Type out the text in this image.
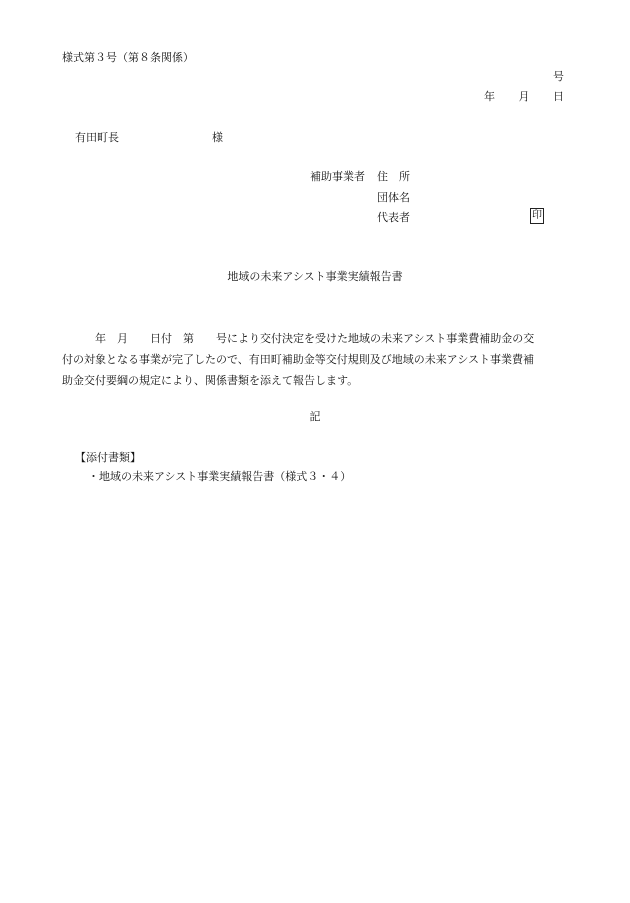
様式第３号（第８条関係）
号
年 月 日
有田町長	様
補助事業者 住　所
団体名
代表者	印
地域の未来アシスト事業実績報告書
　　　年　月　　日付　第　　号により交付決定を受けた地域の未来アシスト事業費補助金の交
付の対象となる事業が完了したので、有田町補助金等交付規則及び地域の未来アシスト事業費補
助金交付要綱の規定により、関係書類を添えて報告します。
記
【添付書類】
・地域の未来アシスト事業実績報告書（様式３・４）
